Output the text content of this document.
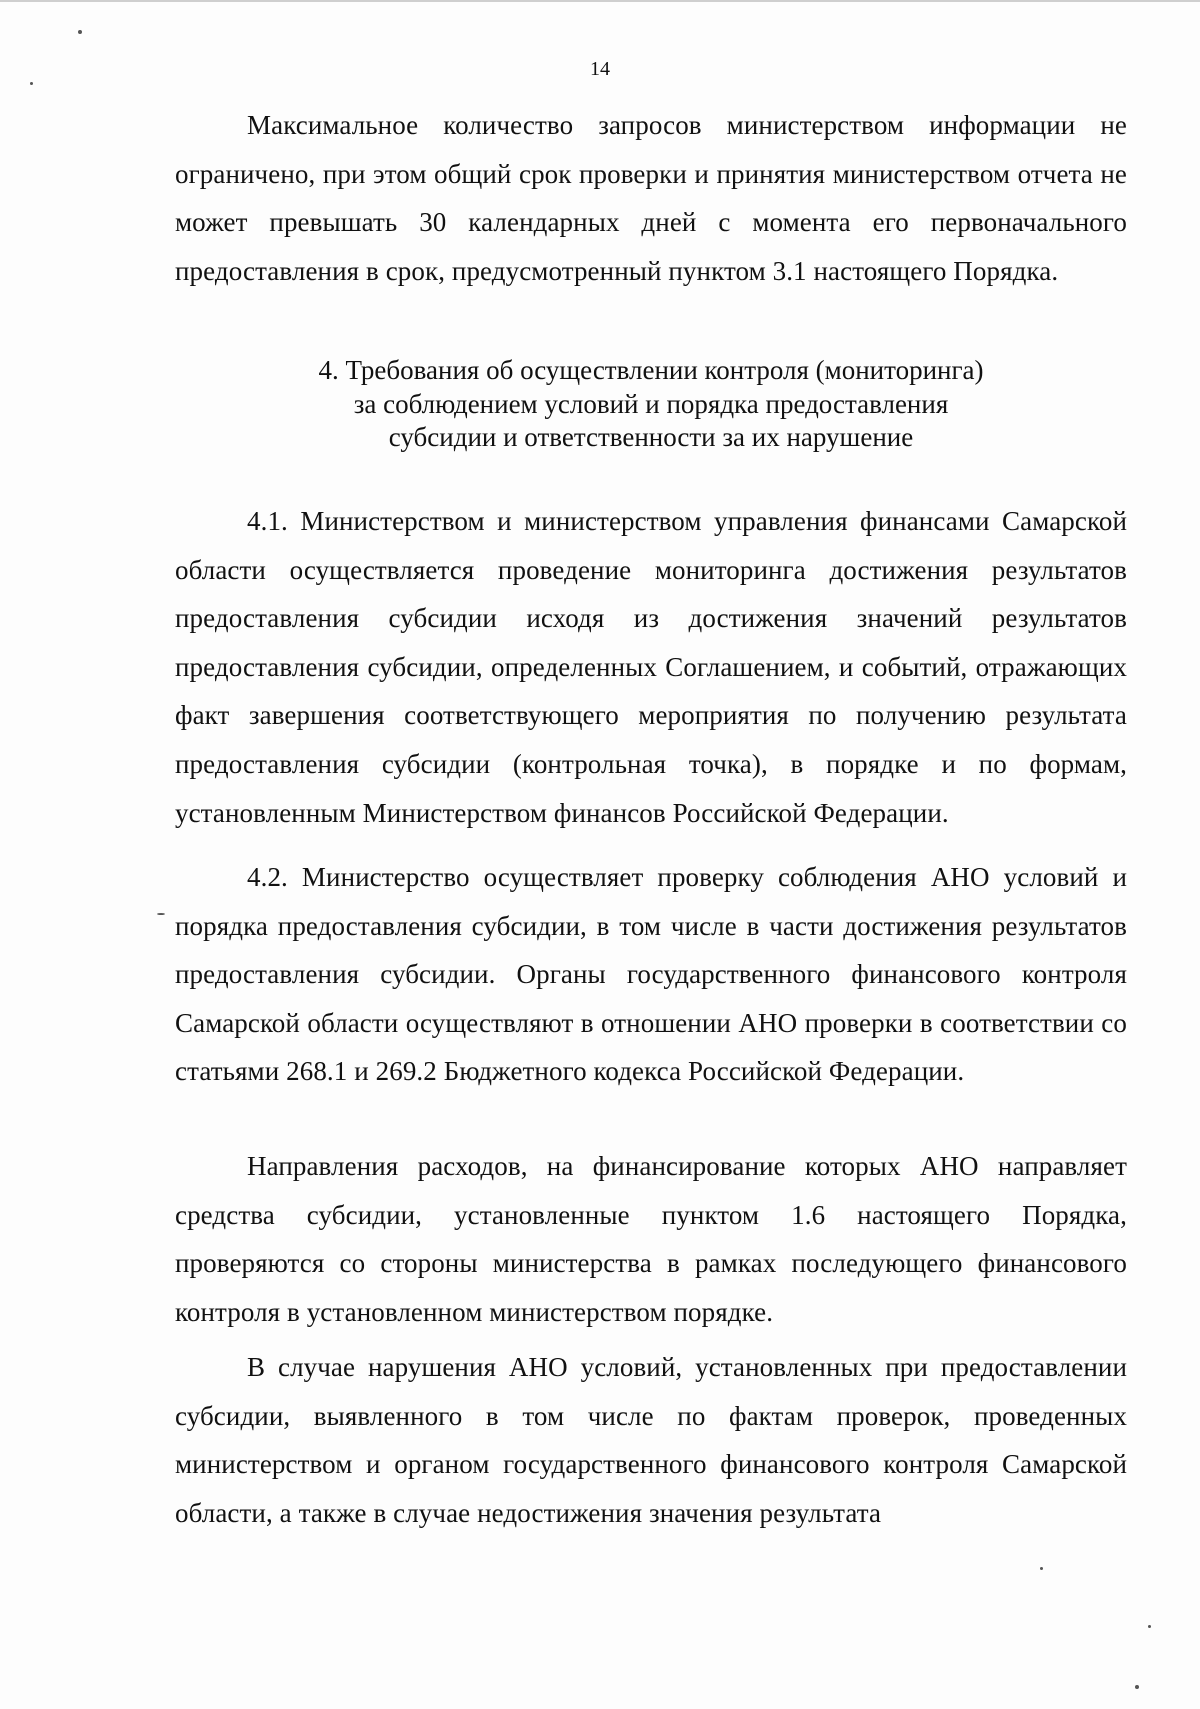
14

Максимальное количество запросов министерством информации не ограничено, при этом общий срок проверки и принятия министерством отчета не может превышать 30 календарных дней с момента его первоначального предоставления в срок, предусмотренный пунктом 3.1 настоящего Порядка.

4. Требования об осуществлении контроля (мониторинга)
за соблюдением условий и порядка предоставления
субсидии и ответственности за их нарушение

4.1. Министерством и министерством управления финансами Самарской области осуществляется проведение мониторинга достижения результатов предоставления субсидии исходя из достижения значений результатов предоставления субсидии, определенных Соглашением, и событий, отражающих факт завершения соответствующего мероприятия по получению результата предоставления субсидии (контрольная точка), в порядке и по формам, установленным Министерством финансов Российской Федерации.

4.2. Министерство осуществляет проверку соблюдения АНО условий и порядка предоставления субсидии, в том числе в части достижения результатов предоставления субсидии. Органы государственного финансового контроля Самарской области осуществляют в отношении АНО проверки в соответствии со статьями 268.1 и 269.2 Бюджетного кодекса Российской Федерации.

Направления расходов, на финансирование которых АНО направляет средства субсидии, установленные пунктом 1.6 настоящего Порядка, проверяются со стороны министерства в рамках последующего финансового контроля в установленном министерством порядке.

В случае нарушения АНО условий, установленных при предоставлении субсидии, выявленного в том числе по фактам проверок, проведенных министерством и органом государственного финансового контроля Самарской области, а также в случае недостижения значения результата
